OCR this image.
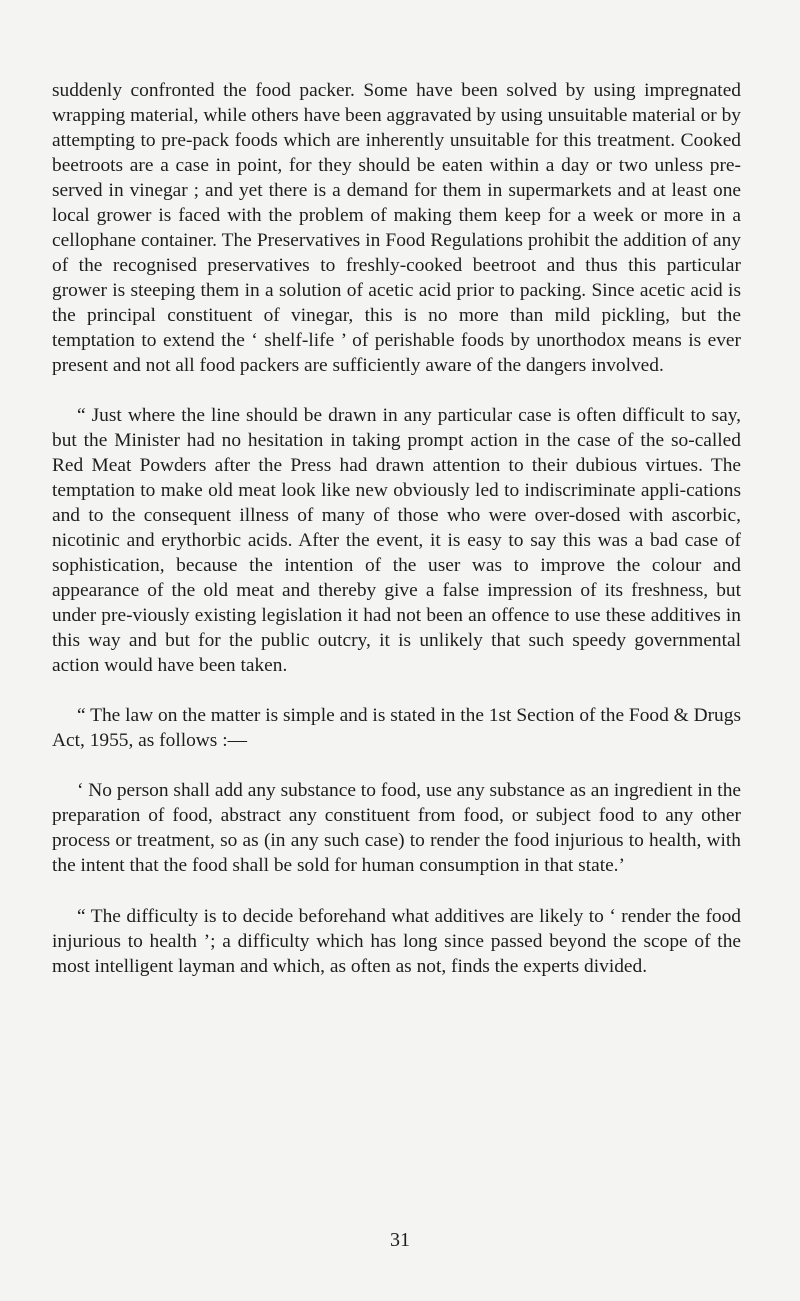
suddenly confronted the food packer. Some have been solved by using impregnated wrapping material, while others have been aggravated by using unsuitable material or by attempting to pre-pack foods which are inherently unsuitable for this treatment. Cooked beetroots are a case in point, for they should be eaten within a day or two unless pre-served in vinegar ; and yet there is a demand for them in supermarkets and at least one local grower is faced with the problem of making them keep for a week or more in a cellophane container. The Preservatives in Food Regulations prohibit the addition of any of the recognised preservatives to freshly-cooked beetroot and thus this particular grower is steeping them in a solution of acetic acid prior to packing. Since acetic acid is the principal constituent of vinegar, this is no more than mild pickling, but the temptation to extend the ‘ shelf-life ’ of perishable foods by unorthodox means is ever present and not all food packers are sufficiently aware of the dangers involved.

“ Just where the line should be drawn in any particular case is often difficult to say, but the Minister had no hesitation in taking prompt action in the case of the so-called Red Meat Powders after the Press had drawn attention to their dubious virtues. The temptation to make old meat look like new obviously led to indiscriminate appli-cations and to the consequent illness of many of those who were over-dosed with ascorbic, nicotinic and erythorbic acids. After the event, it is easy to say this was a bad case of sophistication, because the intention of the user was to improve the colour and appearance of the old meat and thereby give a false impression of its freshness, but under pre-viously existing legislation it had not been an offence to use these additives in this way and but for the public outcry, it is unlikely that such speedy governmental action would have been taken.

“ The law on the matter is simple and is stated in the 1st Section of the Food & Drugs Act, 1955, as follows :—

‘ No person shall add any substance to food, use any substance as an ingredient in the preparation of food, abstract any constituent from food, or subject food to any other process or treatment, so as (in any such case) to render the food injurious to health, with the intent that the food shall be sold for human consumption in that state.’

“ The difficulty is to decide beforehand what additives are likely to ‘ render the food injurious to health ’; a difficulty which has long since passed beyond the scope of the most intelligent layman and which, as often as not, finds the experts divided.

31
